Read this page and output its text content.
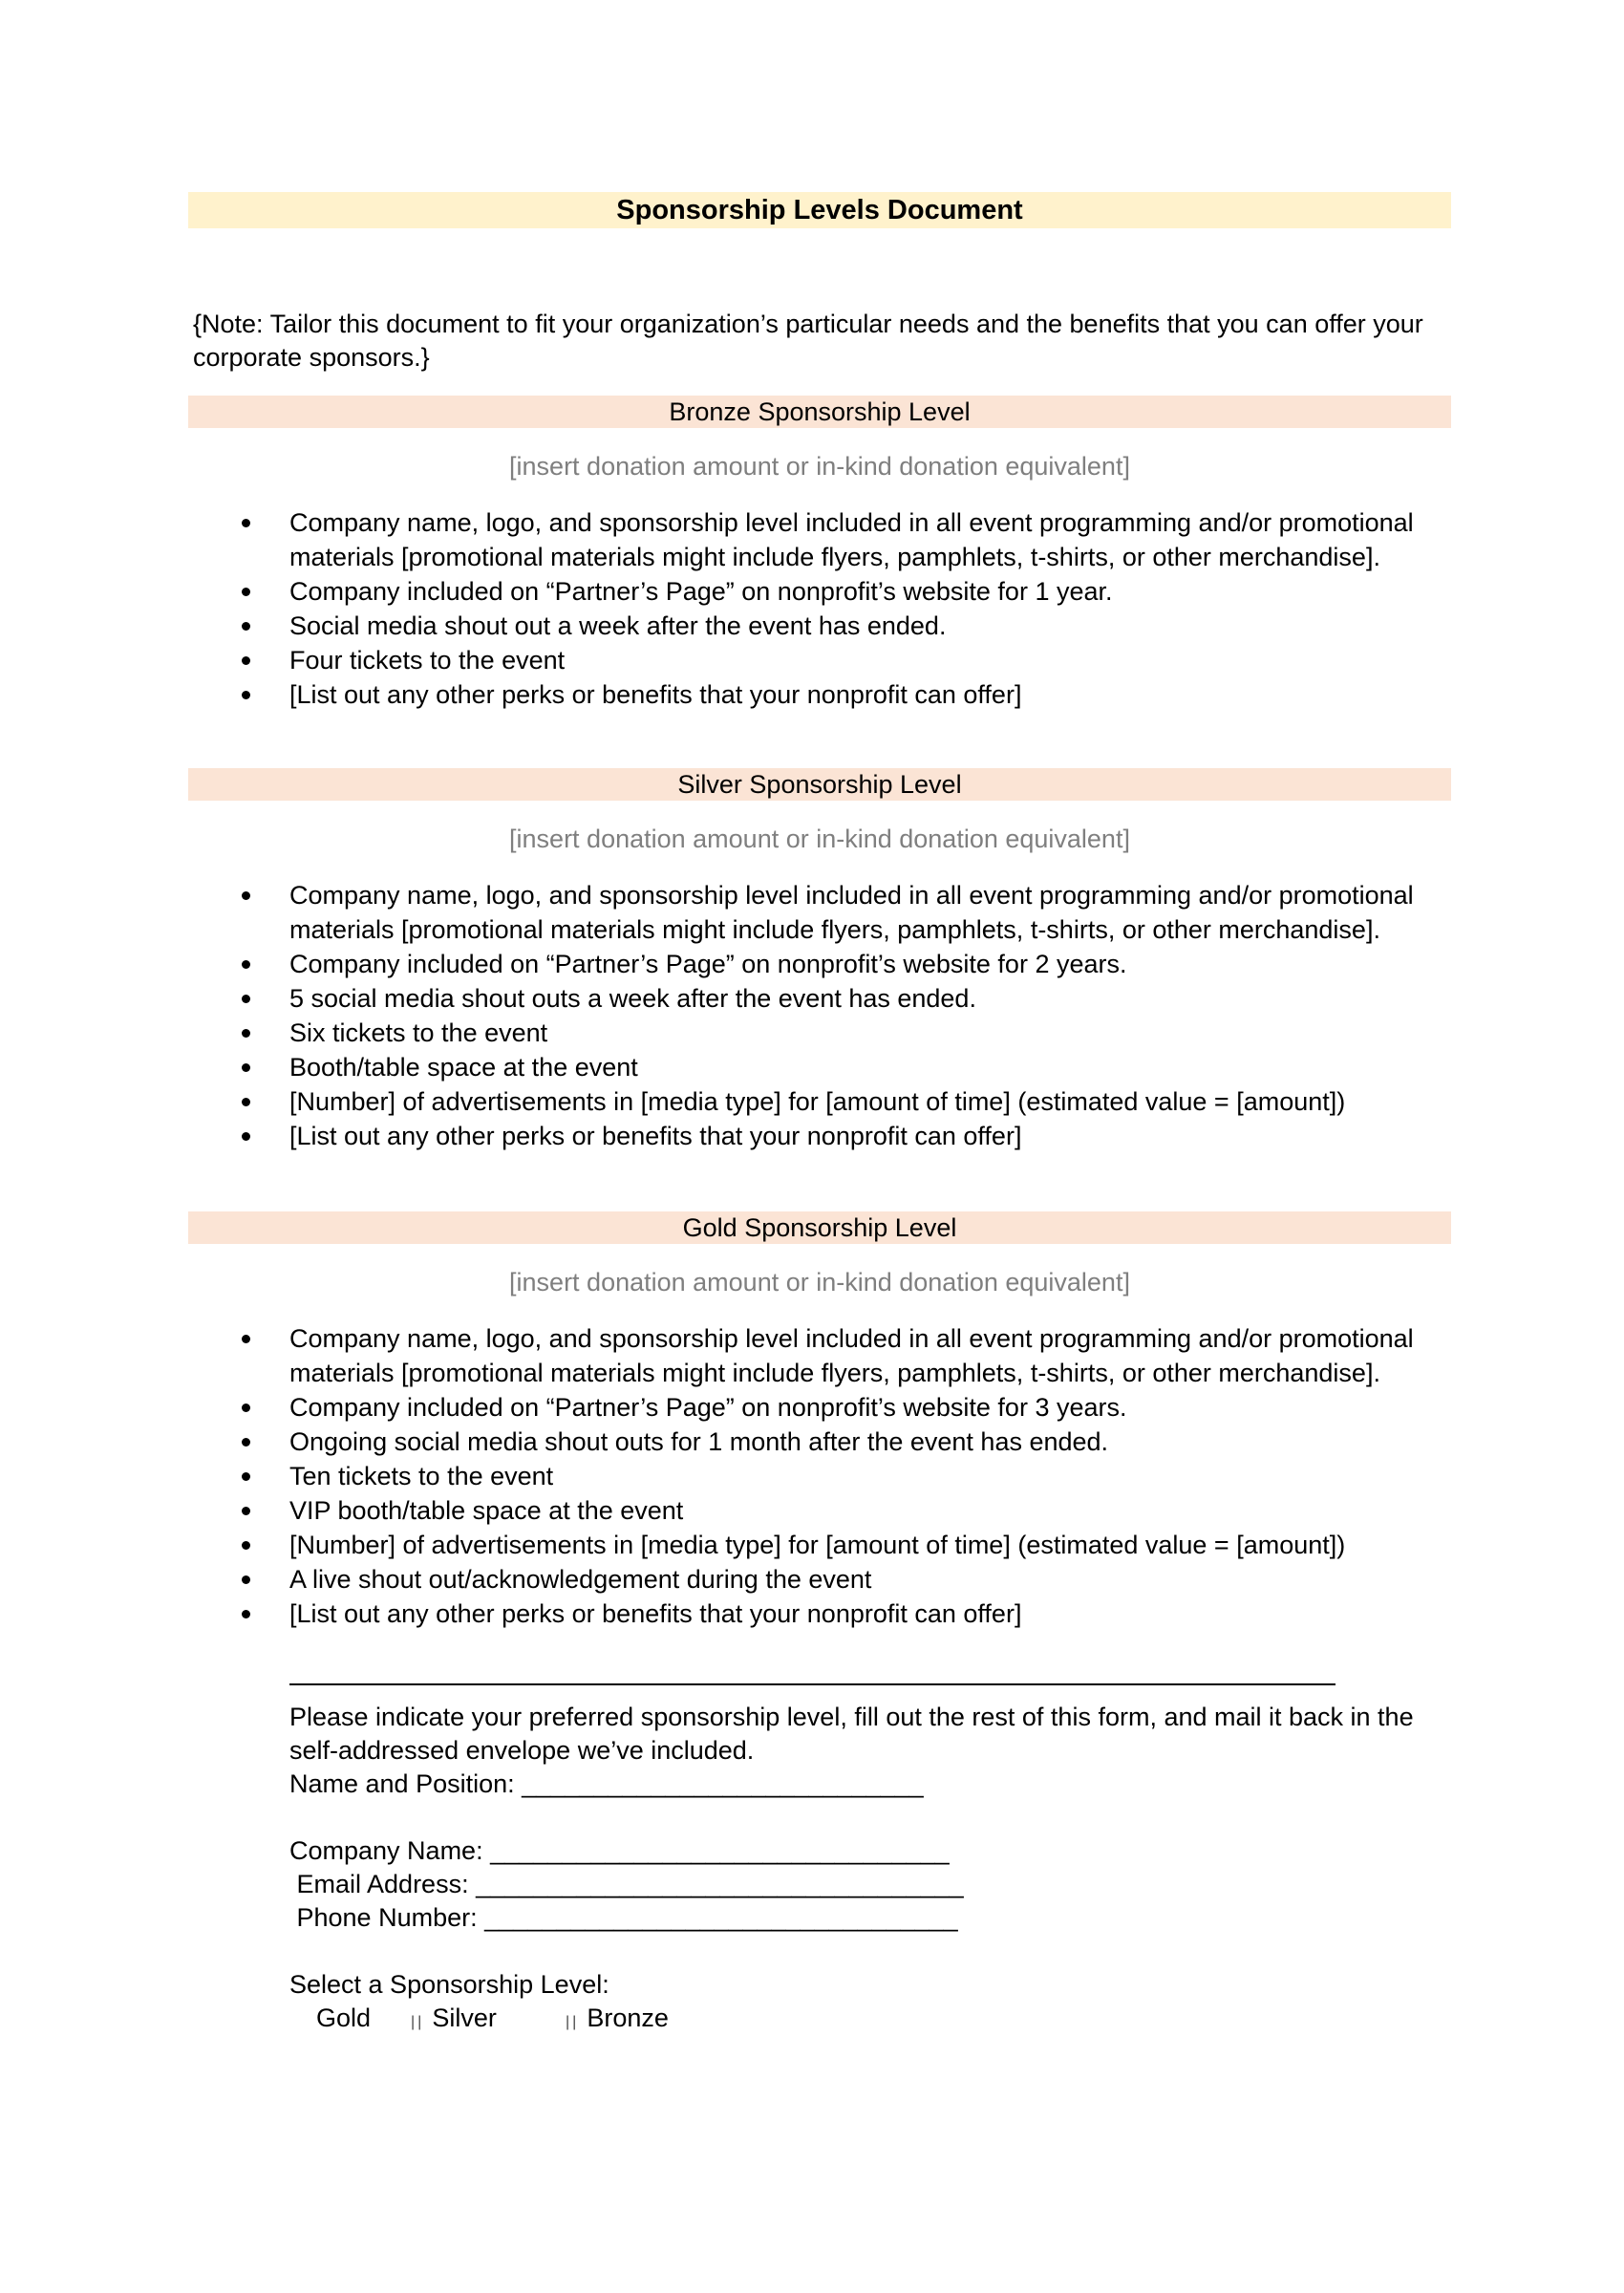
Sponsorship Levels Document
{Note: Tailor this document to fit your organization’s particular needs and the benefits that you can offer your corporate sponsors.}
Bronze Sponsorship Level
[insert donation amount or in-kind donation equivalent]
Company name, logo, and sponsorship level included in all event programming and/or promotional materials [promotional materials might include flyers, pamphlets, t-shirts, or other merchandise].
Company included on “Partner’s Page” on nonprofit’s website for 1 year.
Social media shout out a week after the event has ended.
Four tickets to the event
[List out any other perks or benefits that your nonprofit can offer]
Silver Sponsorship Level
[insert donation amount or in-kind donation equivalent]
Company name, logo, and sponsorship level included in all event programming and/or promotional materials [promotional materials might include flyers, pamphlets, t-shirts, or other merchandise].
Company included on “Partner’s Page” on nonprofit’s website for 2 years.
5 social media shout outs a week after the event has ended.
Six tickets to the event
Booth/table space at the event
[Number] of advertisements in [media type] for [amount of time] (estimated value = [amount])
[List out any other perks or benefits that your nonprofit can offer]
Gold Sponsorship Level
[insert donation amount or in-kind donation equivalent]
Company name, logo, and sponsorship level included in all event programming and/or promotional materials [promotional materials might include flyers, pamphlets, t-shirts, or other merchandise].
Company included on “Partner’s Page” on nonprofit’s website for 3 years.
Ongoing social media shout outs for 1 month after the event has ended.
Ten tickets to the event
VIP booth/table space at the event
[Number] of advertisements in [media type] for [amount of time] (estimated value = [amount])
A live shout out/acknowledgement during the event
[List out any other perks or benefits that your nonprofit can offer]
Please indicate your preferred sponsorship level, fill out the rest of this form, and mail it back in the self-addressed envelope we’ve included.
Name and Position: ____________________________
Company Name: ________________________________
Email Address: __________________________________
Phone Number: _________________________________
Select a Sponsorship Level:
Gold	|| Silver	|| Bronze
